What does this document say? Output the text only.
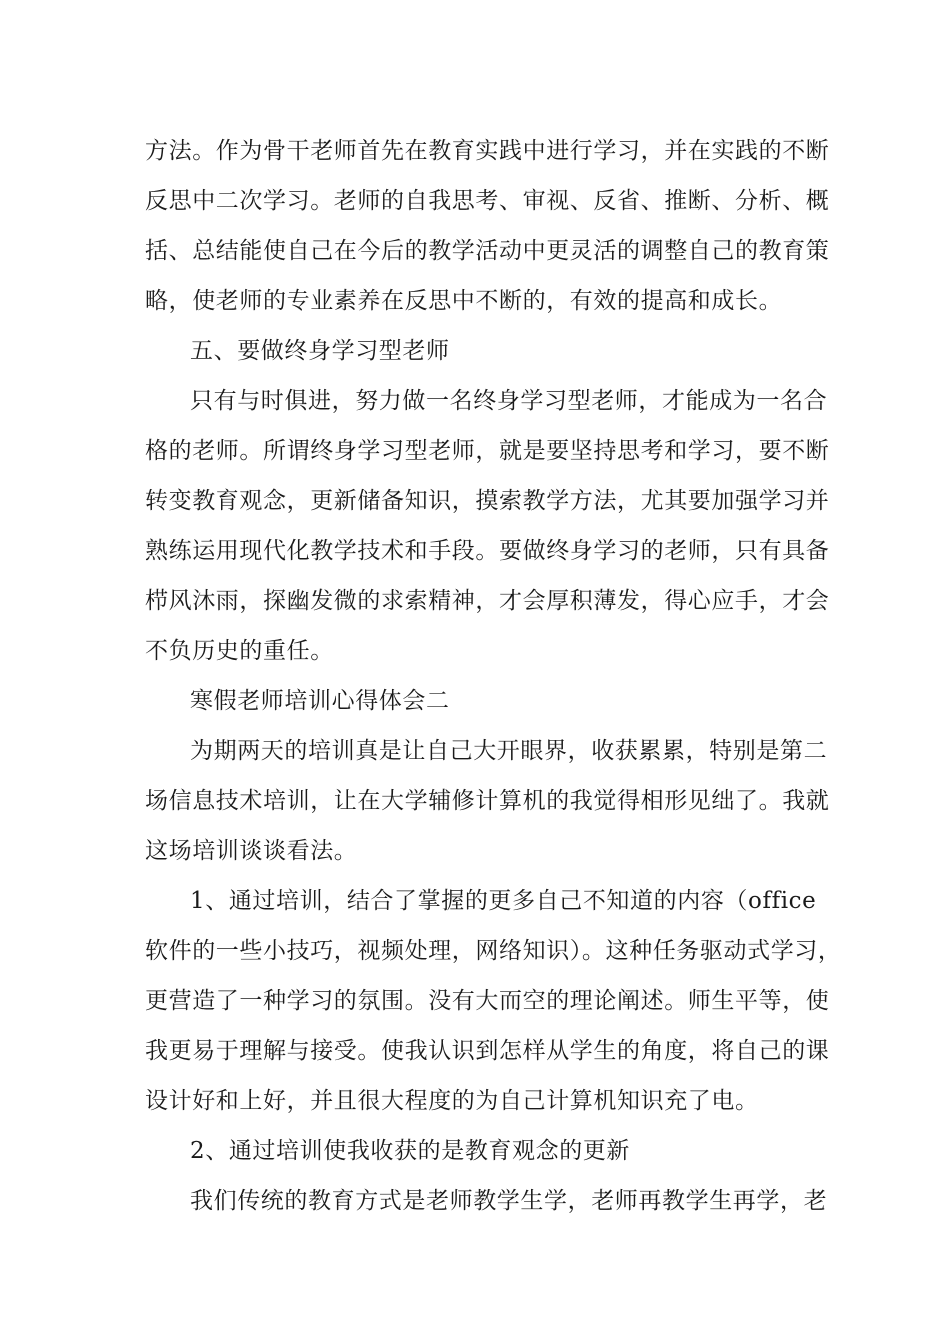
方法。作为骨干老师首先在教育实践中进行学习，并在实践的不断
反思中二次学习。老师的自我思考、审视、反省、推断、分析、概
括、总结能使自己在今后的教学活动中更灵活的调整自己的教育策
略，使老师的专业素养在反思中不断的，有效的提高和成长。
五、要做终身学习型老师
只有与时俱进，努力做一名终身学习型老师，才能成为一名合
格的老师。所谓终身学习型老师，就是要坚持思考和学习，要不断
转变教育观念，更新储备知识，摸索教学方法，尤其要加强学习并
熟练运用现代化教学技术和手段。要做终身学习的老师，只有具备
栉风沐雨，探幽发微的求索精神，才会厚积薄发，得心应手，才会
不负历史的重任。
寒假老师培训心得体会二
为期两天的培训真是让自己大开眼界，收获累累，特别是第二
场信息技术培训，让在大学辅修计算机的我觉得相形见绌了。我就
这场培训谈谈看法。
1、通过培训，结合了掌握的更多自己不知道的内容（office
软件的一些小技巧，视频处理，网络知识）。这种任务驱动式学习，
更营造了一种学习的氛围。没有大而空的理论阐述。师生平等，使
我更易于理解与接受。使我认识到怎样从学生的角度，将自己的课
设计好和上好，并且很大程度的为自己计算机知识充了电。
2、通过培训使我收获的是教育观念的更新
我们传统的教育方式是老师教学生学，老师再教学生再学，老
